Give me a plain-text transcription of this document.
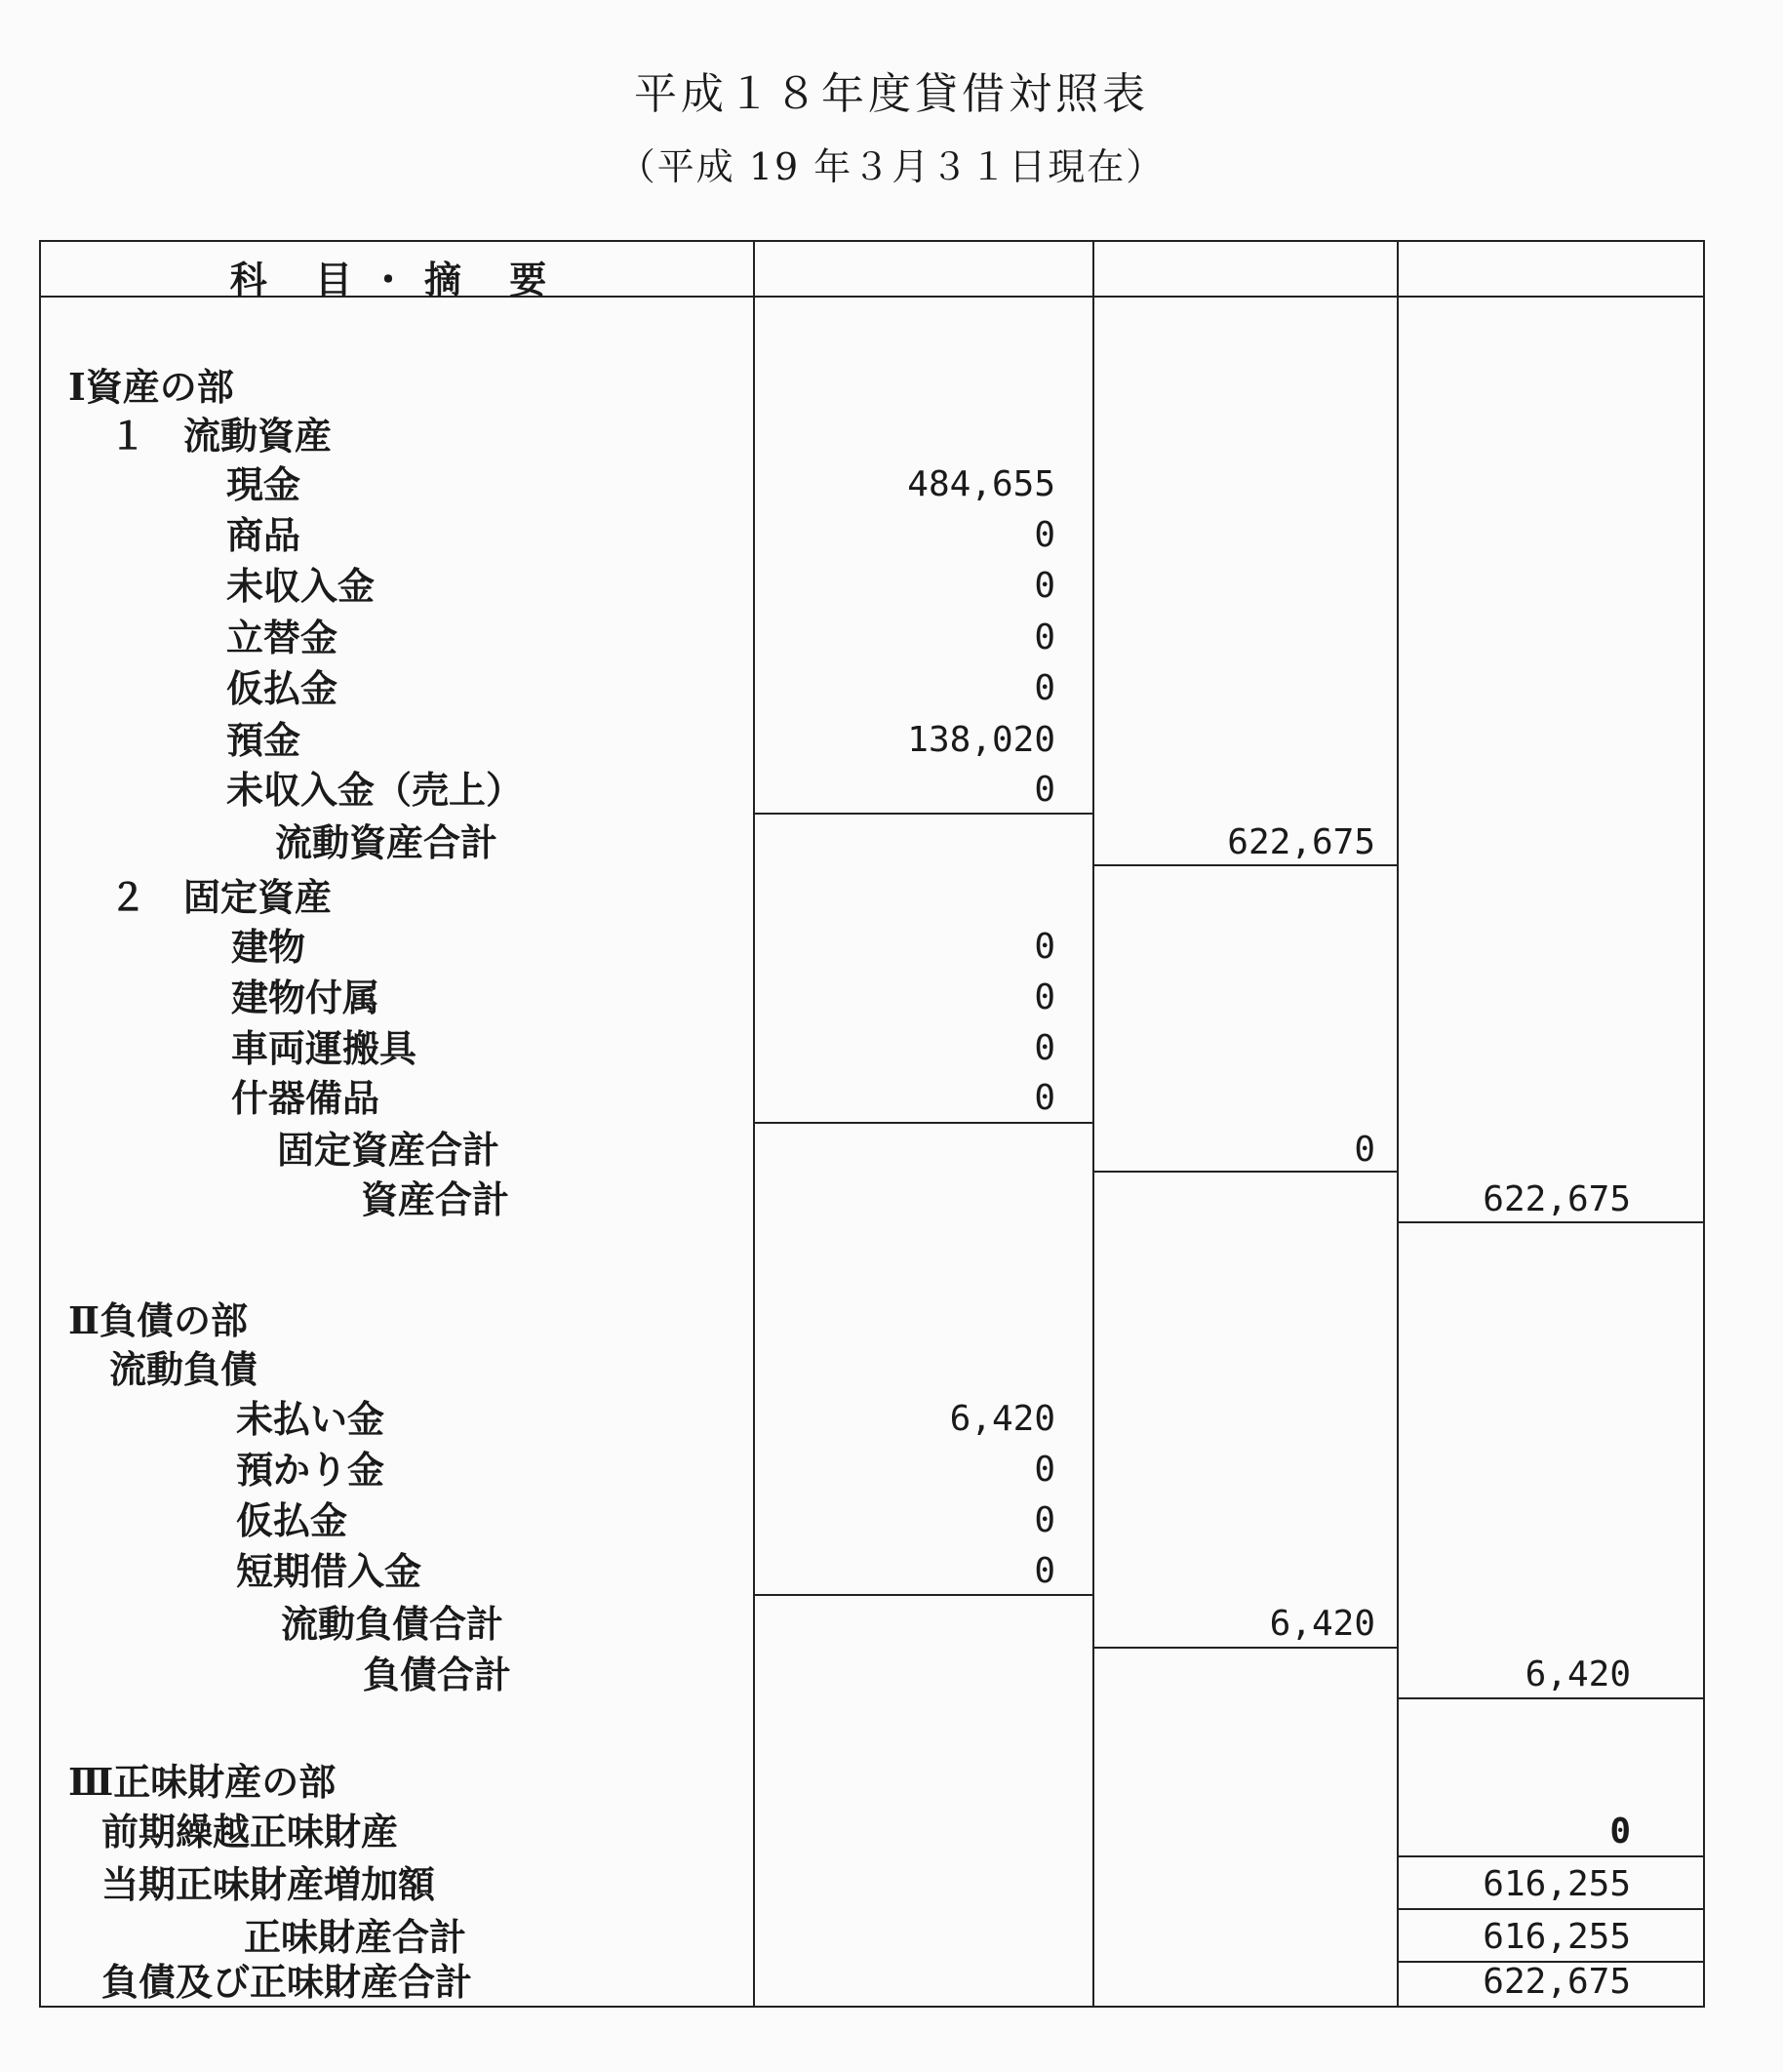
平成１８年度貸借対照表
（平成 19 年３月３１日現在）
科 目・摘 要
Ⅰ資産の部
１　流動資産
現金	484,655
商品	0
未収入金	0
立替金	0
仮払金	0
預金	138,020
未収入金（売上）	0
流動資産合計	622,675
２　固定資産
建物	0
建物付属	0
車両運搬具	0
什器備品	0
固定資産合計	0
資産合計	622,675
Ⅱ負債の部
流動負債
未払い金	6,420
預かり金	0
仮払金	0
短期借入金	0
流動負債合計	6,420
負債合計	6,420
Ⅲ正味財産の部
前期繰越正味財産	0
当期正味財産増加額	616,255
正味財産合計	616,255
負債及び正味財産合計	622,675
